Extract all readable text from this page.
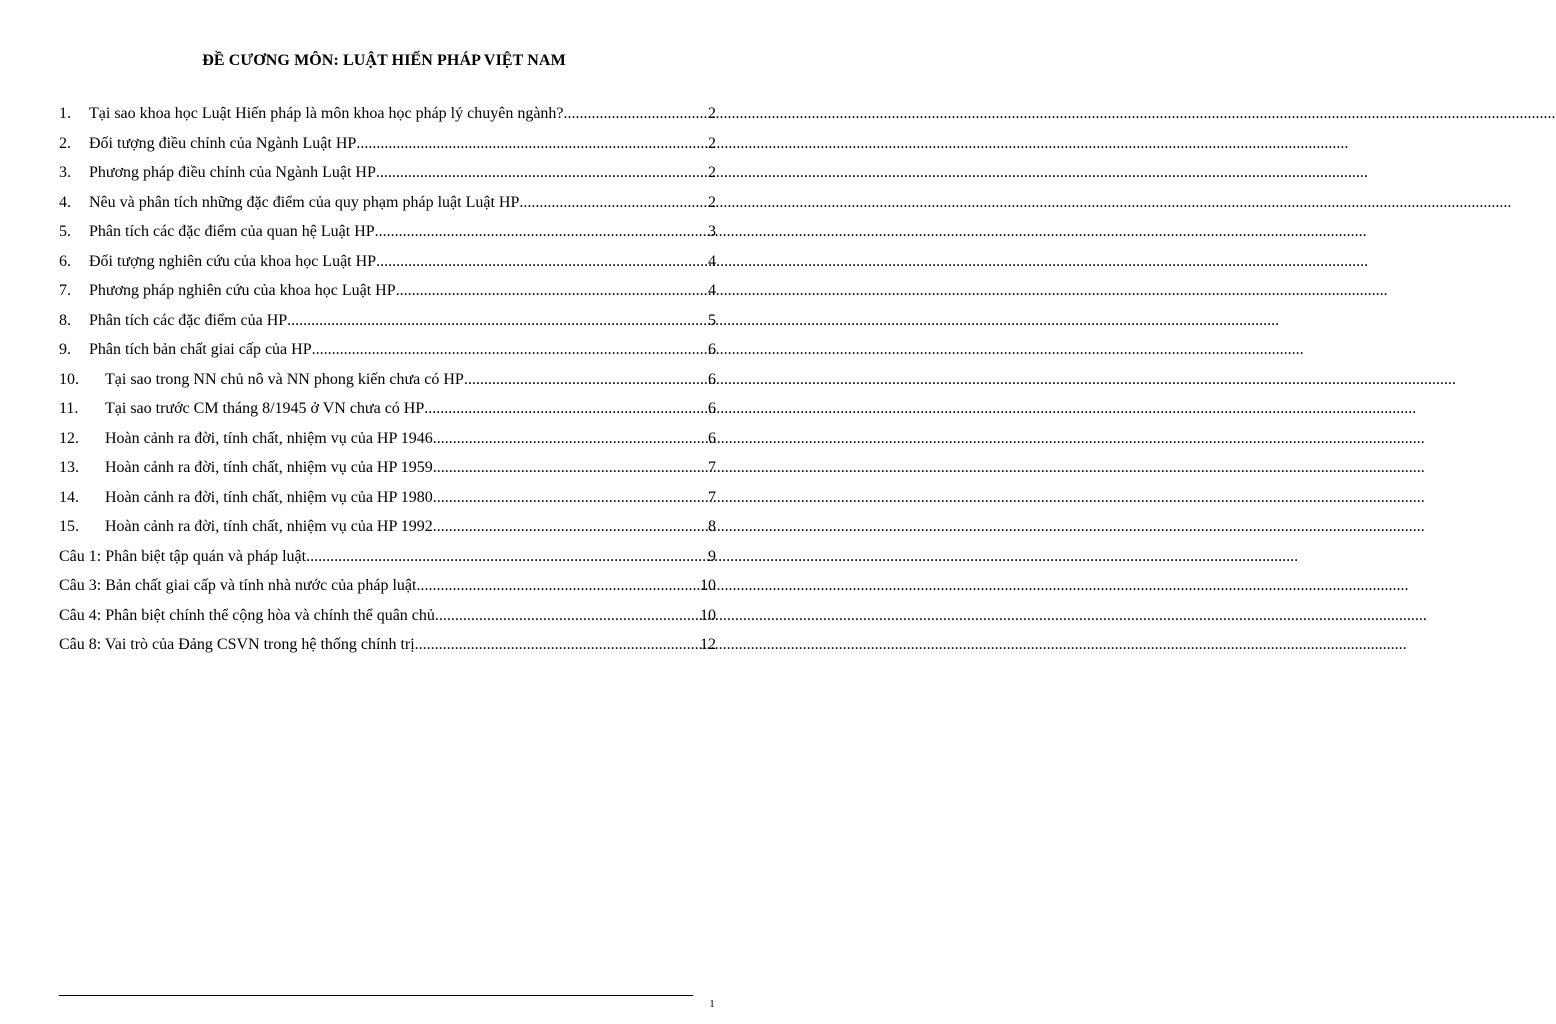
ĐỀ CƯƠNG MÔN: LUẬT HIẾN PHÁP VIỆT NAM
1.	Tại sao khoa học Luật Hiến pháp là môn khoa học pháp lý chuyên ngành? .....	2
2.	Đối tượng điều chỉnh của Ngành Luật HP .....	2
3.	Phương pháp điều chỉnh của Ngành Luật HP .....	2
4.	Nêu và phân tích những đặc điểm của quy phạm pháp luật Luật HP .....	2
5.	Phân tích các đặc điểm của quan hệ Luật HP .....	3
6.	Đối tượng nghiên cứu của khoa học Luật HP .....	4
7.	Phương pháp nghiên cứu của khoa học Luật HP .....	4
8.	Phân tích các đặc điểm của HP .....	5
9.	Phân tích bản chất giai cấp của HP .....	6
10.	Tại sao trong NN chủ nô và NN phong kiến chưa có HP .....	6
11.	Tại sao trước CM tháng 8/1945 ở VN chưa có HP .....	6
12.	Hoàn cảnh ra đời, tính chất, nhiệm vụ của HP 1946 .....	6
13.	Hoàn cảnh ra đời, tính chất, nhiệm vụ của HP 1959 .....	7
14.	Hoàn cảnh ra đời, tính chất, nhiệm vụ của HP 1980 .....	7
15.	Hoàn cảnh ra đời, tính chất, nhiệm vụ của HP 1992 .....	8
Câu 1: Phân biệt tập quán và pháp luật .....	9
Câu 3: Bản chất giai cấp và tính nhà nước của pháp luật .....	10
Câu 4: Phân biệt chính thể cộng hòa và chính thể quân chủ .....	10
Câu 8: Vai trò của Đảng CSVN trong hệ thống chính trị .....	12
1
